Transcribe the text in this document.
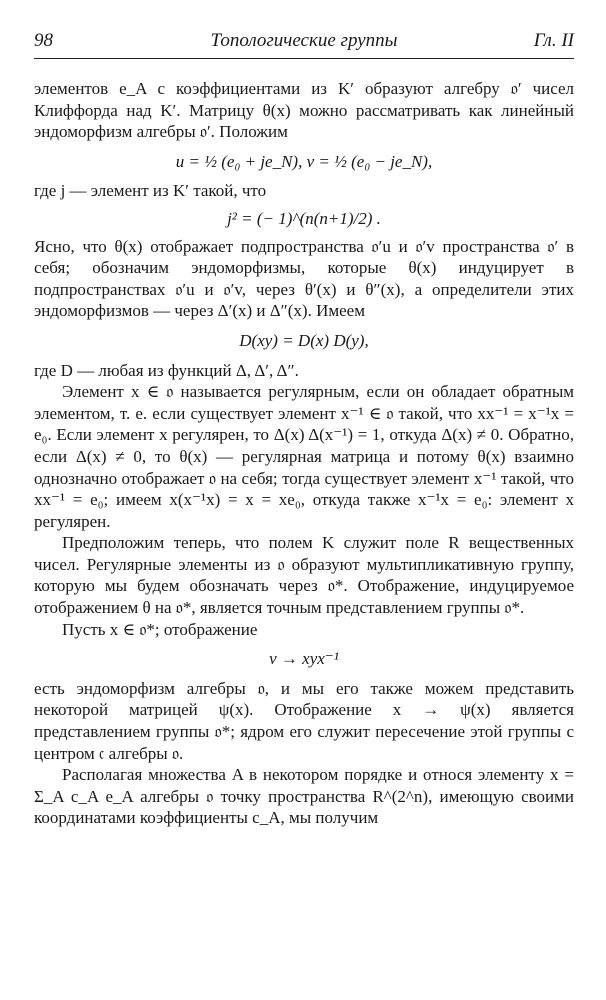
98	Топологические группы	Гл. II

элементов e_A с коэффициентами из K′ образуют алгебру 𝔬′ чисел Клиффорда над K′. Матрицу θ(x) можно рассматривать как линейный эндоморфизм алгебры 𝔬′. Положим

u = ½ (e₀ + je_N), v = ½ (e₀ − je_N),

где j — элемент из K′ такой, что

j² = (− 1)^(n(n+1)/2) .

Ясно, что θ(x) отображает подпространства 𝔬′u и 𝔬′v пространства 𝔬′ в себя; обозначим эндоморфизмы, которые θ(x) индуцирует в подпространствах 𝔬′u и 𝔬′v, через θ′(x) и θ″(x), а определители этих эндоморфизмов — через Δ′(x) и Δ″(x). Имеем

D(xy) = D(x) D(y),

где D — любая из функций Δ, Δ′, Δ″.

Элемент x ∈ 𝔬 называется регулярным, если он обладает обратным элементом, т. е. если существует элемент x⁻¹ ∈ 𝔬 такой, что xx⁻¹ = x⁻¹x = e₀. Если элемент x регулярен, то Δ(x) Δ(x⁻¹) = 1, откуда Δ(x) ≠ 0. Обратно, если Δ(x) ≠ 0, то θ(x) — регулярная матрица и потому θ(x) взаимно однозначно отображает 𝔬 на себя; тогда существует элемент x⁻¹ такой, что xx⁻¹ = e₀; имеем x(x⁻¹x) = x = xe₀, откуда также x⁻¹x = e₀: элемент x регулярен.

Предположим теперь, что полем K служит поле R вещественных чисел. Регулярные элементы из 𝔬 образуют мультипликативную группу, которую мы будем обозначать через 𝔬*. Отображение, индуцируемое отображением θ на 𝔬*, является точным представлением группы 𝔬*.

Пусть x ∈ 𝔬*; отображение

v → xyx⁻¹

есть эндоморфизм алгебры 𝔬, и мы его также можем представить некоторой матрицей ψ(x). Отображение x → ψ(x) является представлением группы 𝔬*; ядром его служит пересечение этой группы с центром 𝔠 алгебры 𝔬.

Располагая множества A в некотором порядке и относя элементу x = Σ_A c_A e_A алгебры 𝔬 точку пространства R^(2^n), имеющую своими координатами коэффициенты c_A, мы получим
